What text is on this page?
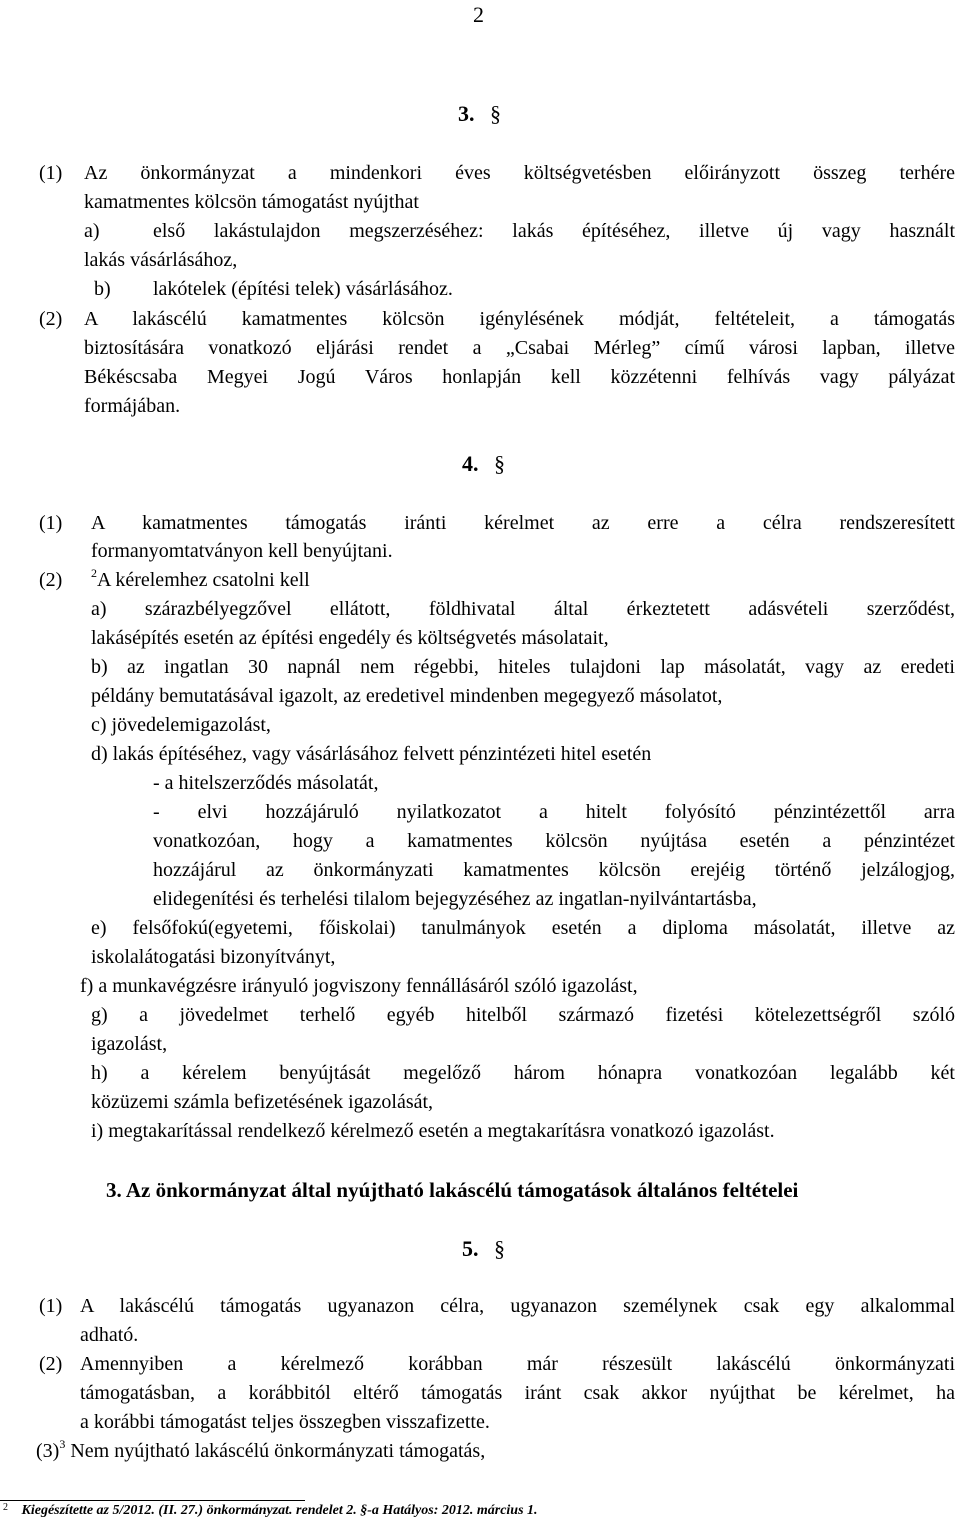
2
3. §
(1) Az önkormányzat a mindenkori éves költségvetésben előirányzott összeg terhére
kamatmentes kölcsön támogatást nyújthat
a)	első lakástulajdon megszerzéséhez: lakás építéséhez, illetve új vagy használt
lakás vásárlásához,
b) lakótelek (építési telek) vásárlásához.
(2) A lakáscélú kamatmentes kölcsön igénylésének módját, feltételeit, a támogatás
biztosítására vonatkozó eljárási rendet a „Csabai Mérleg” című városi lapban, illetve
Békéscsaba Megyei Jogú Város honlapján kell közzétenni felhívás vagy pályázat
formájában.
4. §
(1) A kamatmentes támogatás iránti kérelmet az erre a célra rendszeresített
formanyomtatványon kell benyújtani.
(2) $^2$A kérelemhez csatolni kell
a) szárazbélyegzővel ellátott, földhivatal által érkeztetett adásvételi szerződést,
lakásépítés esetén az építési engedély és költségvetés másolatait,
b) az ingatlan 30 napnál nem régebbi, hiteles tulajdoni lap másolatát, vagy az eredeti
példány bemutatásával igazolt, az eredetivel mindenben megegyező másolatot,
c) jövedelemigazolást,
d) lakás építéséhez, vagy vásárlásához felvett pénzintézeti hitel esetén
- a hitelszerződés másolatát,
- elvi hozzájáruló nyilatkozatot a hitelt folyósító pénzintézettől arra
vonatkozóan, hogy a kamatmentes kölcsön nyújtása esetén a pénzintézet
hozzájárul az önkormányzati kamatmentes kölcsön erejéig történő jelzálogjog,
elidegenítési és terhelési tilalom bejegyzéséhez az ingatlan-nyilvántartásba,
e) felsőfokú(egyetemi, főiskolai) tanulmányok esetén a diploma másolatát, illetve az
iskolalátogatási bizonyítványt,
f) a munkavégzésre irányuló jogviszony fennállásáról szóló igazolást,
g) a jövedelmet terhelő egyéb hitelből származó fizetési kötelezettségről szóló
igazolást,
h) a kérelem benyújtását megelőző három hónapra vonatkozóan legalább két
közüzemi számla befizetésének igazolását,
i) megtakarítással rendelkező kérelmező esetén a megtakarításra vonatkozó igazolást.
3. Az önkormányzat által nyújtható lakáscélú támogatások általános feltételei
5. §
(1) A lakáscélú támogatás ugyanazon célra, ugyanazon személynek csak egy alkalommal
adható.
(2) Amennyiben a kérelmező korábban már részesült lakáscélú önkormányzati
támogatásban, a korábbitól eltérő támogatás iránt csak akkor nyújthat be kérelmet, ha
a korábbi támogatást teljes összegben visszafizette.
$(3)^3$ Nem nyújtható lakáscélú önkormányzati támogatás,
$^2$ Kiegészítette az 5/2012. (II. 27.) önkormányzat. rendelet 2. §-a Hatályos: 2012. március 1.
